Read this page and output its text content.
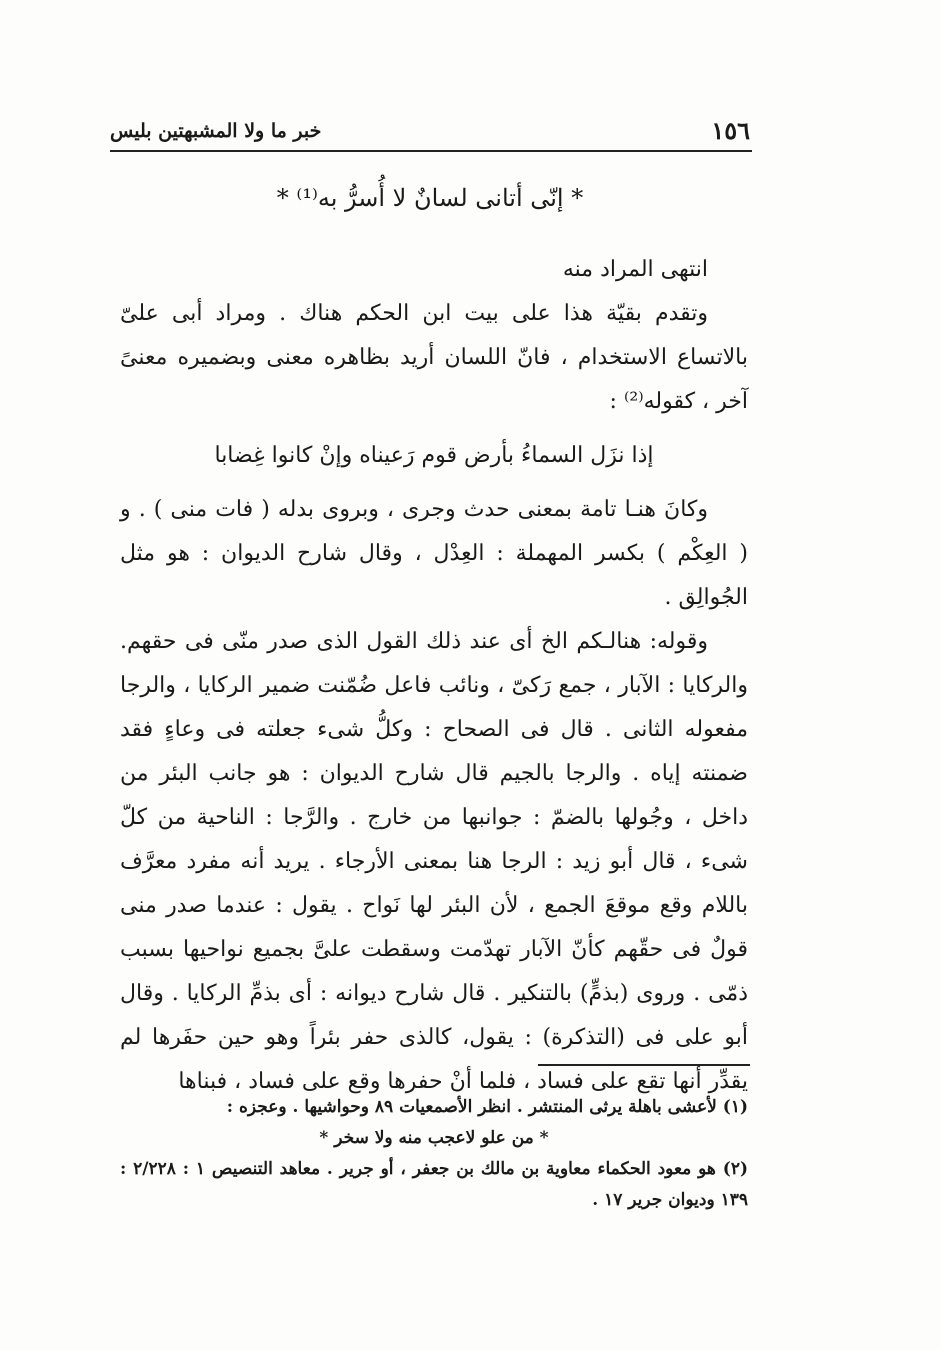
١٥٦
خبر ما ولا المشبهتين بليس
* إنّى أتانى لسانٌ لا أُسرُّ به⁽¹⁾ *

انتهى المراد منه

وتقدم بقيّة هذا على بيت ابن الحكم هناك . ومراد أبى علىّ بالاتساع الاستخدام ، فانّ اللسان أريد بظاهره معنى وبضميره معنىً آخر ، كقوله⁽²⁾ :

إذا نزَل السماءُ بأرض قوم رَعيناه وإنْ كانوا غِضابا

وكانَ هنـا تامة بمعنى حدث وجرى ، وبروى بدله ( فات منى ) . و ( العِكْم ) بكسر المهملة : العِدْل ، وقال شارح الديوان : هو مثل الجُوالِق .

وقوله: هنالـكم الخ أى عند ذلك القول الذى صدر منّى فى حقهم. والركايا : الآبار ، جمع رَكىّ ، ونائب فاعل ضُمّنت ضمير الركايا ، والرجا مفعوله الثانى . قال فى الصحاح : وكلُّ شىء جعلته فى وعاءٍ فقد ضمنته إياه . والرجا بالجيم قال شارح الديوان : هو جانب البئر من داخل ، وجُولها بالضمّ : جوانبها من خارج . والرَّجا : الناحية من كلّ شىء ، قال أبو زيد : الرجا هنا بمعنى الأرجاء . يريد أنه مفرد معرَّف باللام وقع موقعَ الجمع ، لأن البئر لها نَواح . يقول : عندما صدر منى قولٌ فى حقّهم كأنّ الآبار تهدّمت وسقطت علىَّ بجميع نواحيها بسبب ذمّى . وروى (بذمٍّ) بالتنكير . قال شارح ديوانه : أى بذمِّ الركايا . وقال أبو على فى (التذكرة) : يقول، كالذى حفر بئراً وهو حين حفَرها لم يقدِّر أنها تقع على فساد ، فلما أنْ حفرها وقع على فساد ، فبناها

(١) لأعشى باهلة يرثى المنتشر . انظر الأصمعيات ٨٩ وحواشيها . وعجزه :

* من علو لاعجب منه ولا سخر *

(٢) هو معود الحكماء معاوية بن مالك بن جعفر ، أو جرير . معاهد التنصيص ١ : ٢/٢٢٨ : ١٣٩ وديوان جرير ١٧ .
